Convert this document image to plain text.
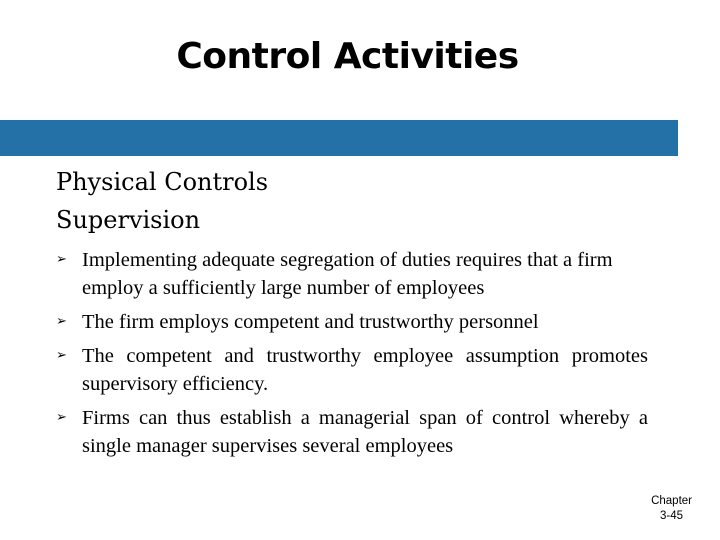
Control Activities
Physical Controls
Supervision
➢ Implementing adequate segregation of duties requires that a firm employ a sufficiently large number of employees
➢ The firm employs competent and trustworthy personnel
➢ The competent and trustworthy employee assumption promotes supervisory efficiency.
➢ Firms can thus establish a managerial span of control whereby a single manager supervises several employees
Chapter
3-45
